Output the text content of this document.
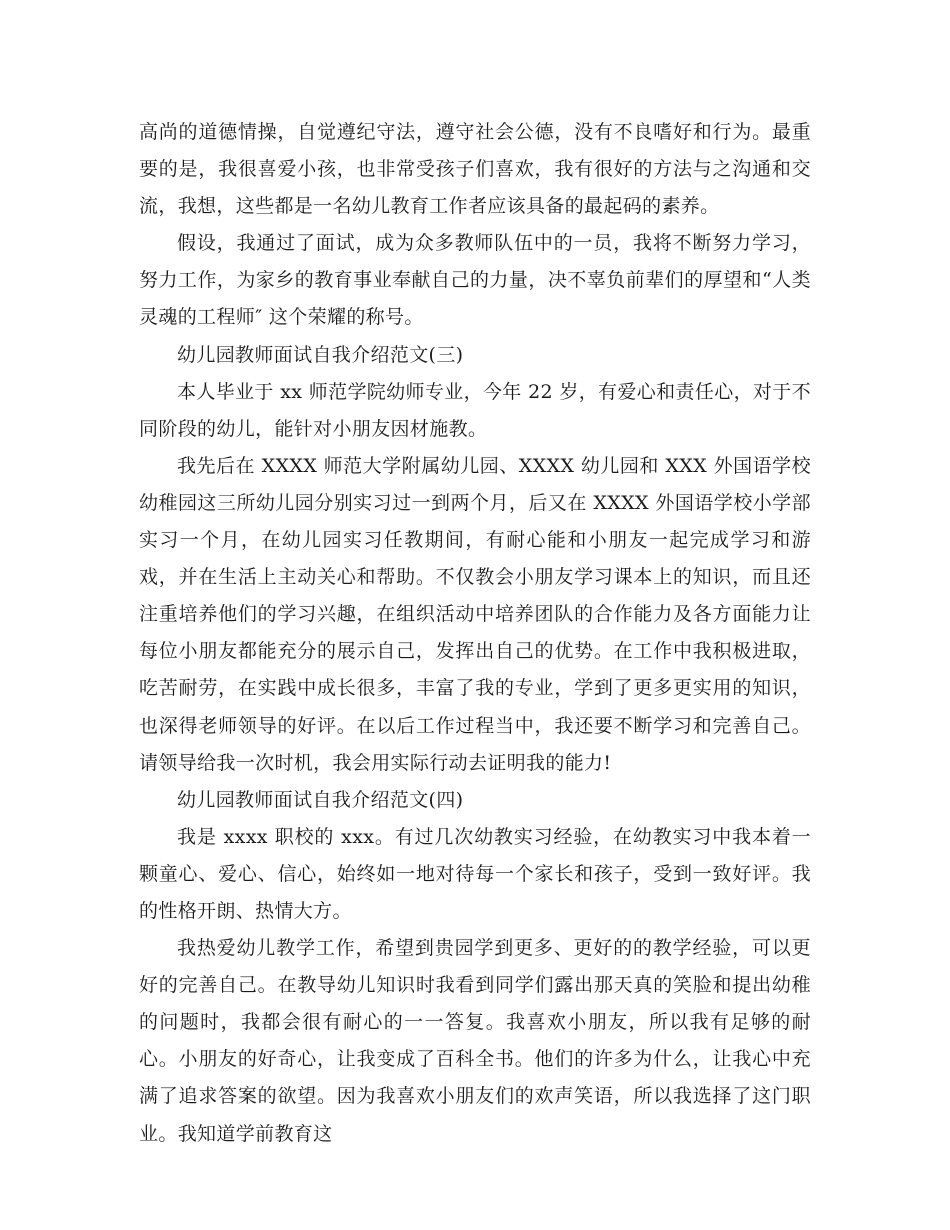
高尚的道德情操，自觉遵纪守法，遵守社会公德，没有不良嗜好和行为。最重要的是，我很喜爱小孩，也非常受孩子们喜欢，我有很好的方法与之沟通和交流，我想，这些都是一名幼儿教育工作者应该具备的最起码的素养。

假设，我通过了面试，成为众多教师队伍中的一员，我将不断努力学习，努力工作，为家乡的教育事业奉献自己的力量，决不辜负前辈们的厚望和“人类灵魂的工程师″ 这个荣耀的称号。

幼儿园教师面试自我介绍范文(三)

本人毕业于 xx 师范学院幼师专业，今年 22 岁，有爱心和责任心，对于不同阶段的幼儿，能针对小朋友因材施教。

我先后在 XXXX 师范大学附属幼儿园、XXXX 幼儿园和 XXX 外国语学校幼稚园这三所幼儿园分别实习过一到两个月，后又在 XXXX 外国语学校小学部实习一个月，在幼儿园实习任教期间，有耐心能和小朋友一起完成学习和游戏，并在生活上主动关心和帮助。不仅教会小朋友学习课本上的知识，而且还注重培养他们的学习兴趣，在组织活动中培养团队的合作能力及各方面能力让每位小朋友都能充分的展示自己，发挥出自己的优势。在工作中我积极进取，吃苦耐劳，在实践中成长很多，丰富了我的专业，学到了更多更实用的知识，也深得老师领导的好评。在以后工作过程当中，我还要不断学习和完善自己。请领导给我一次时机，我会用实际行动去证明我的能力!

幼儿园教师面试自我介绍范文(四)

我是 xxxx 职校的 xxx。有过几次幼教实习经验，在幼教实习中我本着一颗童心、爱心、信心，始终如一地对待每一个家长和孩子，受到一致好评。我的性格开朗、热情大方。

我热爱幼儿教学工作，希望到贵园学到更多、更好的的教学经验，可以更好的完善自己。在教导幼儿知识时我看到同学们露出那天真的笑脸和提出幼稚的问题时，我都会很有耐心的一一答复。我喜欢小朋友，所以我有足够的耐心。小朋友的好奇心，让我变成了百科全书。他们的许多为什么，让我心中充满了追求答案的欲望。因为我喜欢小朋友们的欢声笑语，所以我选择了这门职业。我知道学前教育这
